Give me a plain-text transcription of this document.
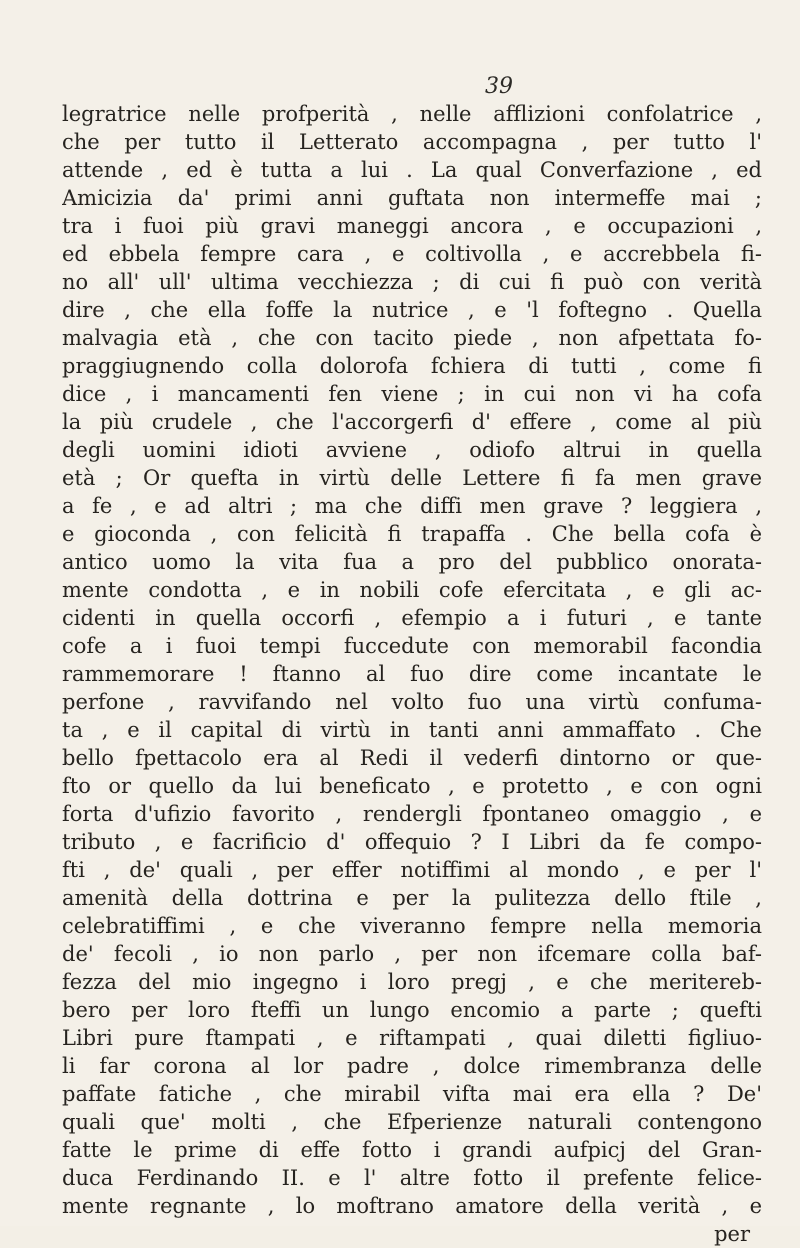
39
legratrice nelle profperità , nelle afflizioni confolatrice ,
che per tutto il Letterato accompagna , per tutto l'
attende , ed è tutta a lui . La qual Converfazione , ed
Amicizia da' primi anni guftata non intermeffe mai ;
tra i fuoi più gravi maneggi ancora , e occupazioni ,
ed ebbela fempre cara , e coltivolla , e accrebbela fi-
no all' ull' ultima vecchiezza ; di cui fi può con verità
dire , che ella foffe la nutrice , e 'l foftegno . Quella
malvagia età , che con tacito piede , non afpettata fo-
praggiugnendo colla dolorofa fchiera di tutti , come fi
dice , i mancamenti fen viene ; in cui non vi ha cofa
la più crudele , che l'accorgerfi d' effere , come al più
degli uomini idioti avviene , odiofo altrui in quella
età ; Or quefta in virtù delle Lettere fi fa men grave
a fe , e ad altri ; ma che diffi men grave ? leggiera ,
e gioconda , con felicità fi trapaffa . Che bella cofa è
antico uomo la vita fua a pro del pubblico onorata-
mente condotta , e in nobili cofe efercitata , e gli ac-
cidenti in quella occorfi , efempio a i futuri , e tante
cofe a i fuoi tempi fuccedute con memorabil facondia
rammemorare ! ftanno al fuo dire come incantate le
perfone , ravvifando nel volto fuo una virtù confuma-
ta , e il capital di virtù in tanti anni ammaffato . Che
bello fpettacolo era al Redi il vederfi dintorno or que-
fto or quello da lui beneficato , e protetto , e con ogni
forta d'ufizio favorito , rendergli fpontaneo omaggio , e
tributo , e facrificio d' offequio ? I Libri da fe compo-
fti , de' quali , per effer notiffimi al mondo , e per l'
amenità della dottrina e per la pulitezza dello ftile ,
celebratiffimi , e che viveranno fempre nella memoria
de' fecoli , io non parlo , per non ifcemare colla baf-
fezza del mio ingegno i loro pregj , e che meritereb-
bero per loro fteffi un lungo encomio a parte ; quefti
Libri pure ftampati , e riftampati , quai diletti figliuo-
li far corona al lor padre , dolce rimembranza delle
paffate fatiche , che mirabil vifta mai era ella ? De'
quali que' molti , che Efperienze naturali contengono
fatte le prime di effe fotto i grandi aufpicj del Gran-
duca Ferdinando II. e l' altre fotto il prefente felice-
mente regnante , lo moftrano amatore della verità , e
per
